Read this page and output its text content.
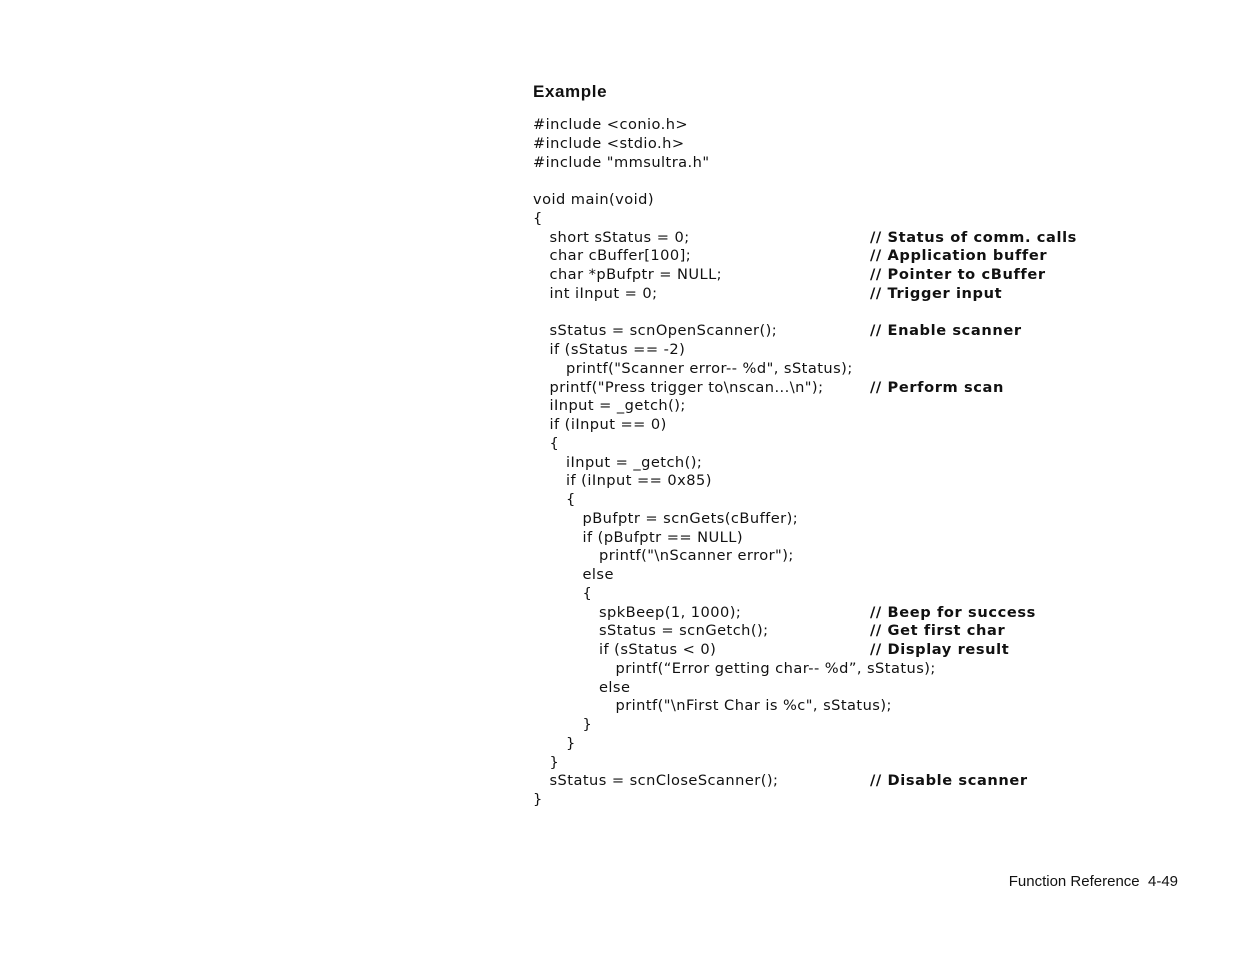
Example
#include <conio.h>
#include <stdio.h>
#include "mmsultra.h"
void main(void)
{
short sStatus = 0;	// Status of comm. calls
char cBuffer[100];	// Application buffer
char *pBufptr = NULL;	// Pointer to cBuffer
int iInput = 0;	// Trigger input
sStatus = scnOpenScanner();	// Enable scanner
if (sStatus == -2)
printf("Scanner error-- %d", sStatus);
printf("Press trigger to\nscan...\n");	// Perform scan
iInput = _getch();
if (iInput == 0)
{
iInput = _getch();
if (iInput == 0x85)
{
pBufptr = scnGets(cBuffer);
if (pBufptr == NULL)
printf("\nScanner error");
else
{
spkBeep(1, 1000);	// Beep for success
sStatus = scnGetch();	// Get first char
if (sStatus < 0)	// Display result
printf(“Error getting char-- %d”, sStatus);
else
printf("\nFirst Char is %c", sStatus);
}
}
}
sStatus = scnCloseScanner();	// Disable scanner
}
Function Reference  4-49
